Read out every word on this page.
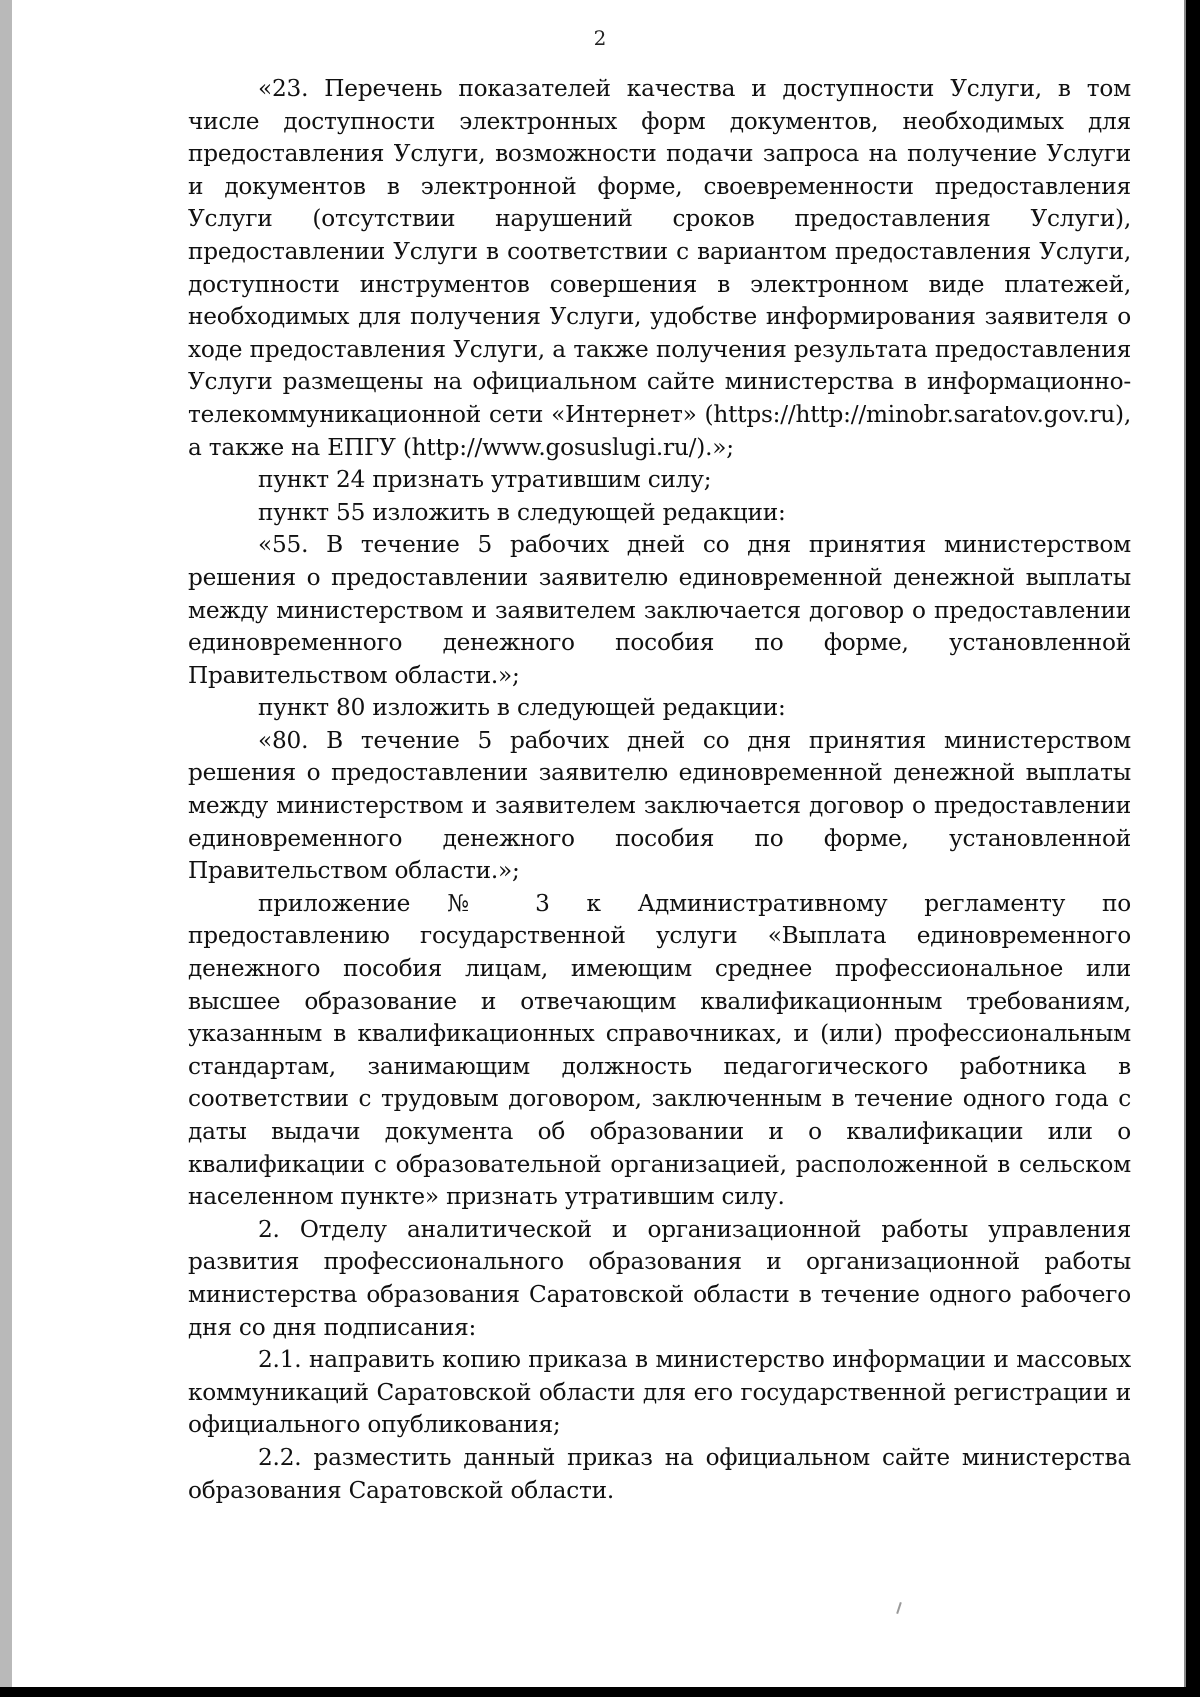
2

«23. Перечень показателей качества и доступности Услуги, в том числе доступности электронных форм документов, необходимых для предоставления Услуги, возможности подачи запроса на получение Услуги и документов в электронной форме, своевременности предоставления Услуги (отсутствии нарушений сроков предоставления Услуги), предоставлении Услуги в соответствии с вариантом предоставления Услуги, доступности инструментов совершения в электронном виде платежей, необходимых для получения Услуги, удобстве информирования заявителя о ходе предоставления Услуги, а также получения результата предоставления Услуги размещены на официальном сайте министерства в информационно-телекоммуникационной сети «Интернет» (https://http://minobr.saratov.gov.ru), а также на ЕПГУ (http://www.gosuslugi.ru/).»;

пункт 24 признать утратившим силу;

пункт 55 изложить в следующей редакции:

«55. В течение 5 рабочих дней со дня принятия министерством решения о предоставлении заявителю единовременной денежной выплаты между министерством и заявителем заключается договор о предоставлении единовременного денежного пособия по форме, установленной Правительством области.»;

пункт 80 изложить в следующей редакции:

«80. В течение 5 рабочих дней со дня принятия министерством решения о предоставлении заявителю единовременной денежной выплаты между министерством и заявителем заключается договор о предоставлении единовременного денежного пособия по форме, установленной Правительством области.»;

приложение № 3 к Административному регламенту по предоставлению государственной услуги «Выплата единовременного денежного пособия лицам, имеющим среднее профессиональное или высшее образование и отвечающим квалификационным требованиям, указанным в квалификационных справочниках, и (или) профессиональным стандартам, занимающим должность педагогического работника в соответствии с трудовым договором, заключенным в течение одного года с даты выдачи документа об образовании и о квалификации или о квалификации с образовательной организацией, расположенной в сельском населенном пункте» признать утратившим силу.

2. Отделу аналитической и организационной работы управления развития профессионального образования и организационной работы министерства образования Саратовской области в течение одного рабочего дня со дня подписания:

2.1. направить копию приказа в министерство информации и массовых коммуникаций Саратовской области для его государственной регистрации и официального опубликования;

2.2. разместить данный приказ на официальном сайте министерства образования Саратовской области.
